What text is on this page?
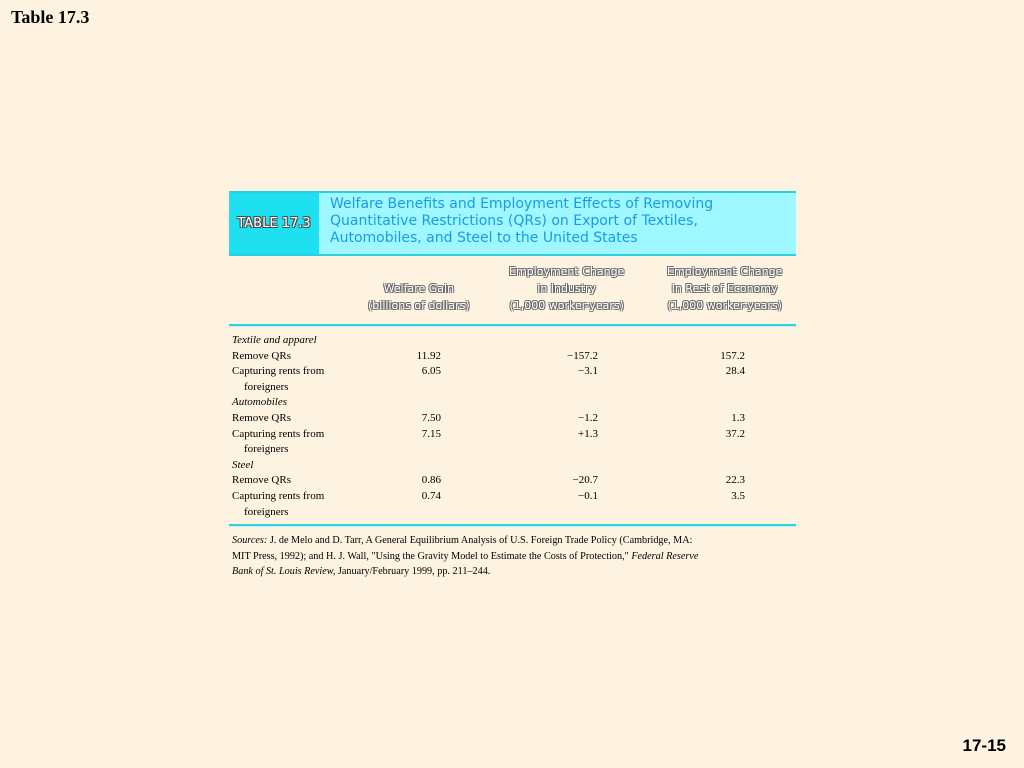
Table 17.3
TABLE 17.3
Welfare Benefits and Employment Effects of Removing
Quantitative Restrictions (QRs) on Export of Textiles,
Automobiles, and Steel to the United States
Welfare Gain
(billions of dollars)
Employment Change
in Industry
(1,000 worker-years)
Employment Change
in Rest of Economy
(1,000 worker-years)
Textile and apparel
Remove QRs	11.92	−157.2	157.2
Capturing rents from	6.05	−3.1	28.4
foreigners
Automobiles
Remove QRs	7.50	−1.2	1.3
Capturing rents from	7.15	+1.3	37.2
foreigners
Steel
Remove QRs	0.86	−20.7	22.3
Capturing rents from	0.74	−0.1	3.5
foreigners
Sources: J. de Melo and D. Tarr, A General Equilibrium Analysis of U.S. Foreign Trade Policy (Cambridge, MA:
MIT Press, 1992); and H. J. Wall, "Using the Gravity Model to Estimate the Costs of Protection," Federal Reserve
Bank of St. Louis Review, January/February 1999, pp. 211–244.
17-15
